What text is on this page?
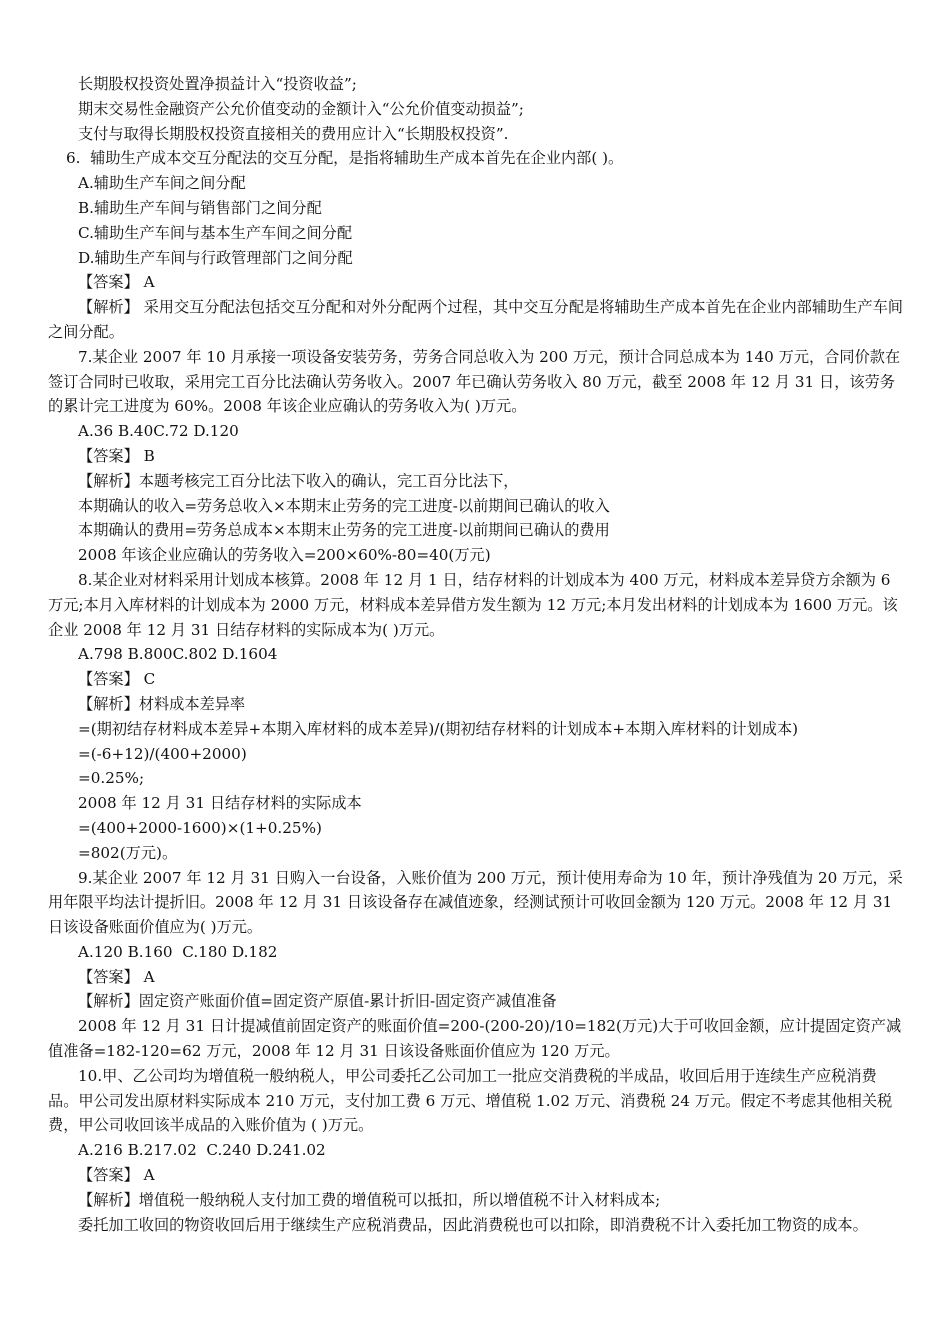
长期股权投资处置净损益计入“投资收益”;

期末交易性金融资产公允价值变动的金额计入“公允价值变动损益”;

支付与取得长期股权投资直接相关的费用应计入“长期股权投资”.

6.  辅助生产成本交互分配法的交互分配，是指将辅助生产成本首先在企业内部( )。

A.辅助生产车间之间分配

B.辅助生产车间与销售部门之间分配

C.辅助生产车间与基本生产车间之间分配

D.辅助生产车间与行政管理部门之间分配

【答案】 A

【解析】 采用交互分配法包括交互分配和对外分配两个过程，其中交互分配是将辅助生产成本首先在企业内部辅助生产车间之间分配。

7.某企业 2007 年 10 月承接一项设备安装劳务，劳务合同总收入为 200 万元，预计合同总成本为 140 万元，合同价款在签订合同时已收取，采用完工百分比法确认劳务收入。2007 年已确认劳务收入 80 万元，截至 2008 年 12 月 31 日，该劳务的累计完工进度为 60%。2008 年该企业应确认的劳务收入为( )万元。

A.36 B.40C.72 D.120

【答案】 B

【解析】本题考核完工百分比法下收入的确认，完工百分比法下，

本期确认的收入=劳务总收入×本期末止劳务的完工进度-以前期间已确认的收入

本期确认的费用=劳务总成本×本期末止劳务的完工进度-以前期间已确认的费用

2008 年该企业应确认的劳务收入=200×60%-80=40(万元)

8.某企业对材料采用计划成本核算。2008 年 12 月 1 日，结存材料的计划成本为 400 万元，材料成本差异贷方余额为 6 万元;本月入库材料的计划成本为 2000 万元，材料成本差异借方发生额为 12 万元;本月发出材料的计划成本为 1600 万元。该企业 2008 年 12 月 31 日结存材料的实际成本为( )万元。

A.798 B.800C.802 D.1604

【答案】 C

【解析】材料成本差异率

=(期初结存材料成本差异+本期入库材料的成本差异)/(期初结存材料的计划成本+本期入库材料的计划成本)

=(-6+12)/(400+2000)

=0.25%;

2008 年 12 月 31 日结存材料的实际成本

=(400+2000-1600)×(1+0.25%)

=802(万元)。

9.某企业 2007 年 12 月 31 日购入一台设备，入账价值为 200 万元，预计使用寿命为 10 年，预计净残值为 20 万元，采用年限平均法计提折旧。2008 年 12 月 31 日该设备存在减值迹象，经测试预计可收回金额为 120 万元。2008 年 12 月 31 日该设备账面价值应为( )万元。

A.120 B.160  C.180 D.182

【答案】 A

【解析】固定资产账面价值=固定资产原值-累计折旧-固定资产减值准备

2008 年 12 月 31 日计提减值前固定资产的账面价值=200-(200-20)/10=182(万元)大于可收回金额，应计提固定资产减值准备=182-120=62 万元，2008 年 12 月 31 日该设备账面价值应为 120 万元。

10.甲、乙公司均为增值税一般纳税人，甲公司委托乙公司加工一批应交消费税的半成品，收回后用于连续生产应税消费品。甲公司发出原材料实际成本 210 万元，支付加工费 6 万元、增值税 1.02 万元、消费税 24 万元。假定不考虑其他相关税费，甲公司收回该半成品的入账价值为 ( )万元。

A.216 B.217.02  C.240 D.241.02

【答案】 A

【解析】增值税一般纳税人支付加工费的增值税可以抵扣，所以增值税不计入材料成本;

委托加工收回的物资收回后用于继续生产应税消费品，因此消费税也可以扣除，即消费税不计入委托加工物资的成本。
